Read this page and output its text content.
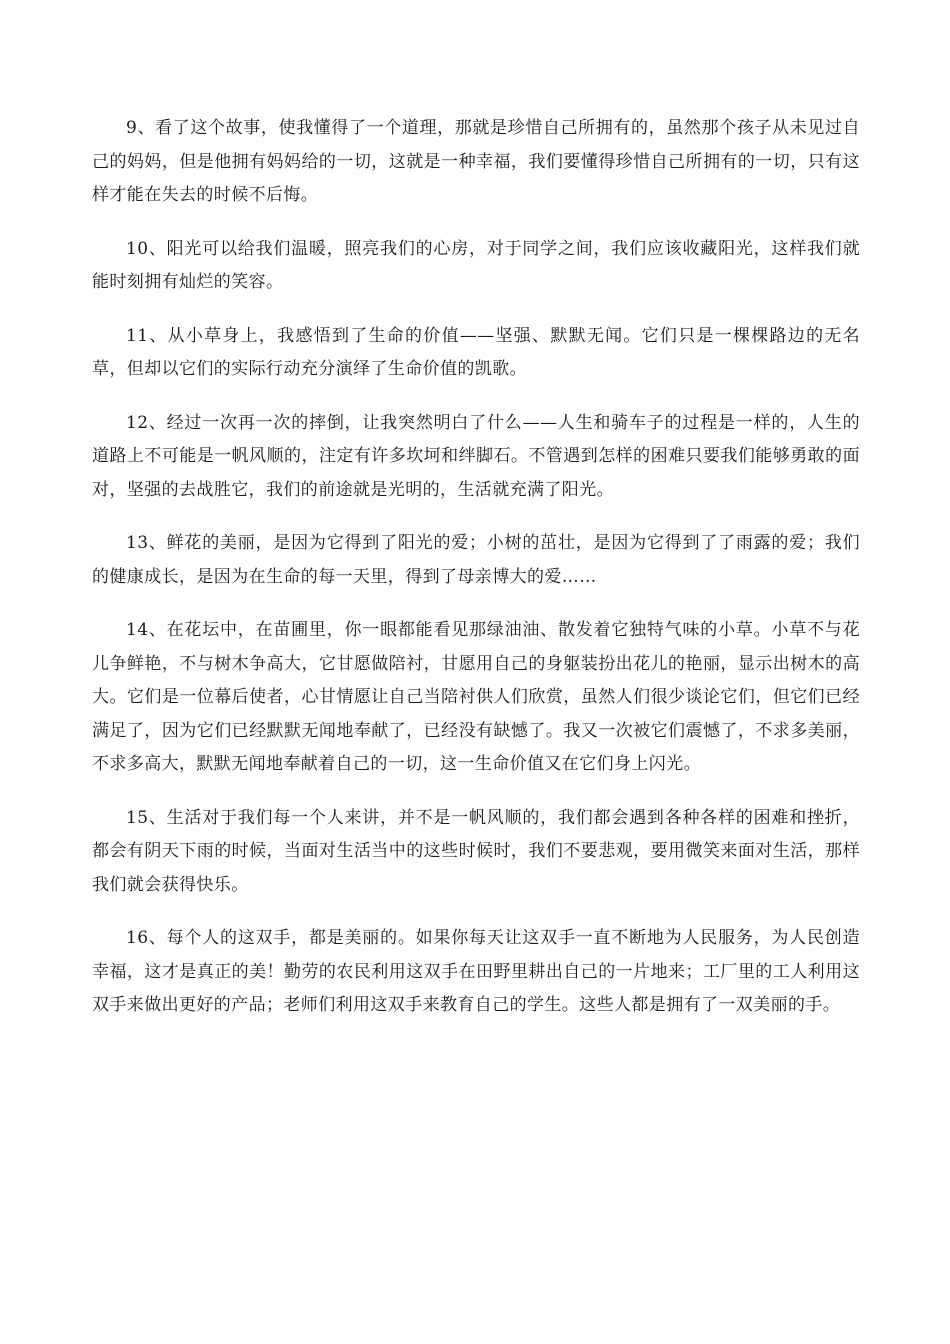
9、看了这个故事，使我懂得了一个道理，那就是珍惜自己所拥有的，虽然那个孩子从未见过自己的妈妈，但是他拥有妈妈给的一切，这就是一种幸福，我们要懂得珍惜自己所拥有的一切，只有这样才能在失去的时候不后悔。

10、阳光可以给我们温暖，照亮我们的心房，对于同学之间，我们应该收藏阳光，这样我们就能时刻拥有灿烂的笑容。

11、从小草身上，我感悟到了生命的价值——坚强、默默无闻。它们只是一棵棵路边的无名草，但却以它们的实际行动充分演绎了生命价值的凯歌。

12、经过一次再一次的摔倒，让我突然明白了什么——人生和骑车子的过程是一样的，人生的道路上不可能是一帆风顺的，注定有许多坎坷和绊脚石。不管遇到怎样的困难只要我们能够勇敢的面对，坚强的去战胜它，我们的前途就是光明的，生活就充满了阳光。

13、鲜花的美丽，是因为它得到了阳光的爱；小树的茁壮，是因为它得到了了雨露的爱；我们的健康成长，是因为在生命的每一天里，得到了母亲博大的爱……

14、在花坛中，在苗圃里，你一眼都能看见那绿油油、散发着它独特气味的小草。小草不与花儿争鲜艳，不与树木争高大，它甘愿做陪衬，甘愿用自己的身躯装扮出花儿的艳丽，显示出树木的高大。它们是一位幕后使者，心甘情愿让自己当陪衬供人们欣赏，虽然人们很少谈论它们，但它们已经满足了，因为它们已经默默无闻地奉献了，已经没有缺憾了。我又一次被它们震憾了，不求多美丽，不求多高大，默默无闻地奉献着自己的一切，这一生命价值又在它们身上闪光。

15、生活对于我们每一个人来讲，并不是一帆风顺的，我们都会遇到各种各样的困难和挫折，都会有阴天下雨的时候，当面对生活当中的这些时候时，我们不要悲观，要用微笑来面对生活，那样我们就会获得快乐。

16、每个人的这双手，都是美丽的。如果你每天让这双手一直不断地为人民服务，为人民创造幸福，这才是真正的美！勤劳的农民利用这双手在田野里耕出自己的一片地来；工厂里的工人利用这双手来做出更好的产品；老师们利用这双手来教育自己的学生。这些人都是拥有了一双美丽的手。
